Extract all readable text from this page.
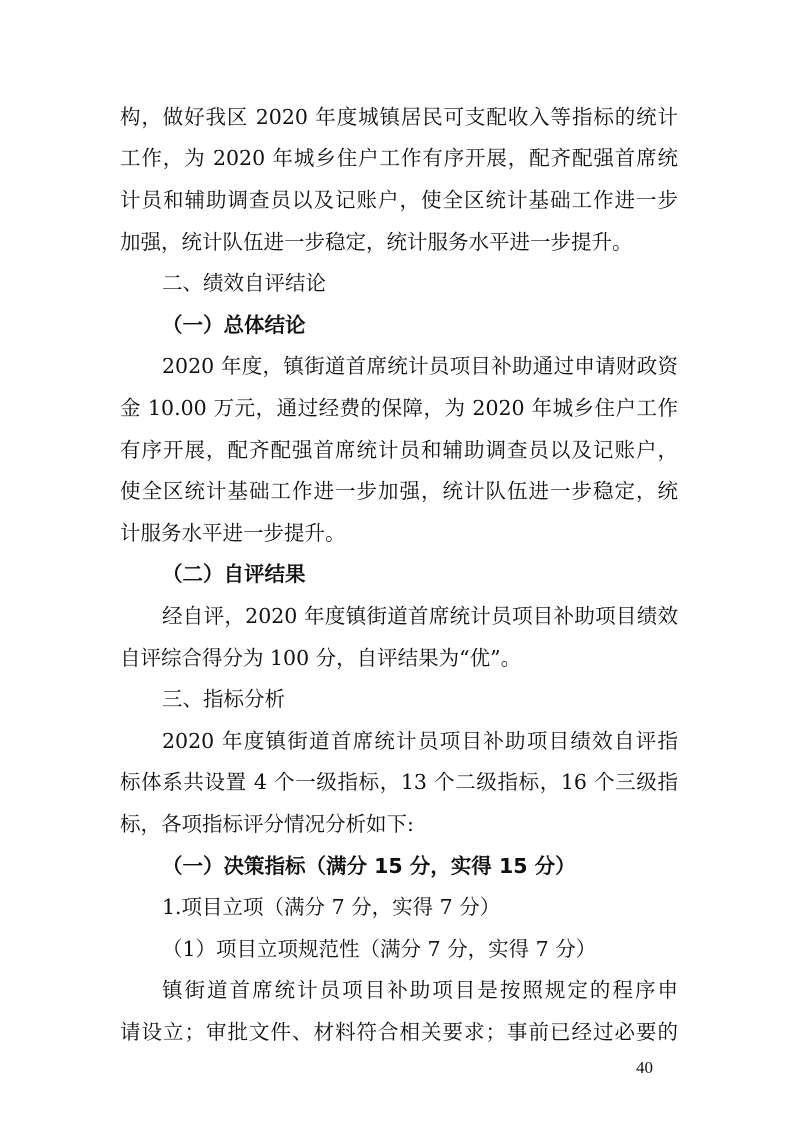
构，做好我区 2020 年度城镇居民可支配收入等指标的统计
工作，为 2020 年城乡住户工作有序开展，配齐配强首席统
计员和辅助调查员以及记账户，使全区统计基础工作进一步
加强，统计队伍进一步稳定，统计服务水平进一步提升。
二、绩效自评结论
（一）总体结论
2020 年度，镇街道首席统计员项目补助通过申请财政资
金 10.00 万元，通过经费的保障，为 2020 年城乡住户工作
有序开展，配齐配强首席统计员和辅助调查员以及记账户，
使全区统计基础工作进一步加强，统计队伍进一步稳定，统
计服务水平进一步提升。
（二）自评结果
经自评，2020 年度镇街道首席统计员项目补助项目绩效
自评综合得分为 100 分，自评结果为“优”。
三、指标分析
2020 年度镇街道首席统计员项目补助项目绩效自评指
标体系共设置 4 个一级指标，13 个二级指标，16 个三级指
标，各项指标评分情况分析如下:
（一）决策指标（满分 15 分，实得 15 分）
1.项目立项（满分 7 分，实得 7 分）
（1）项目立项规范性（满分 7 分，实得 7 分）
镇街道首席统计员项目补助项目是按照规定的程序申
请设立；审批文件、材料符合相关要求；事前已经过必要的
40
